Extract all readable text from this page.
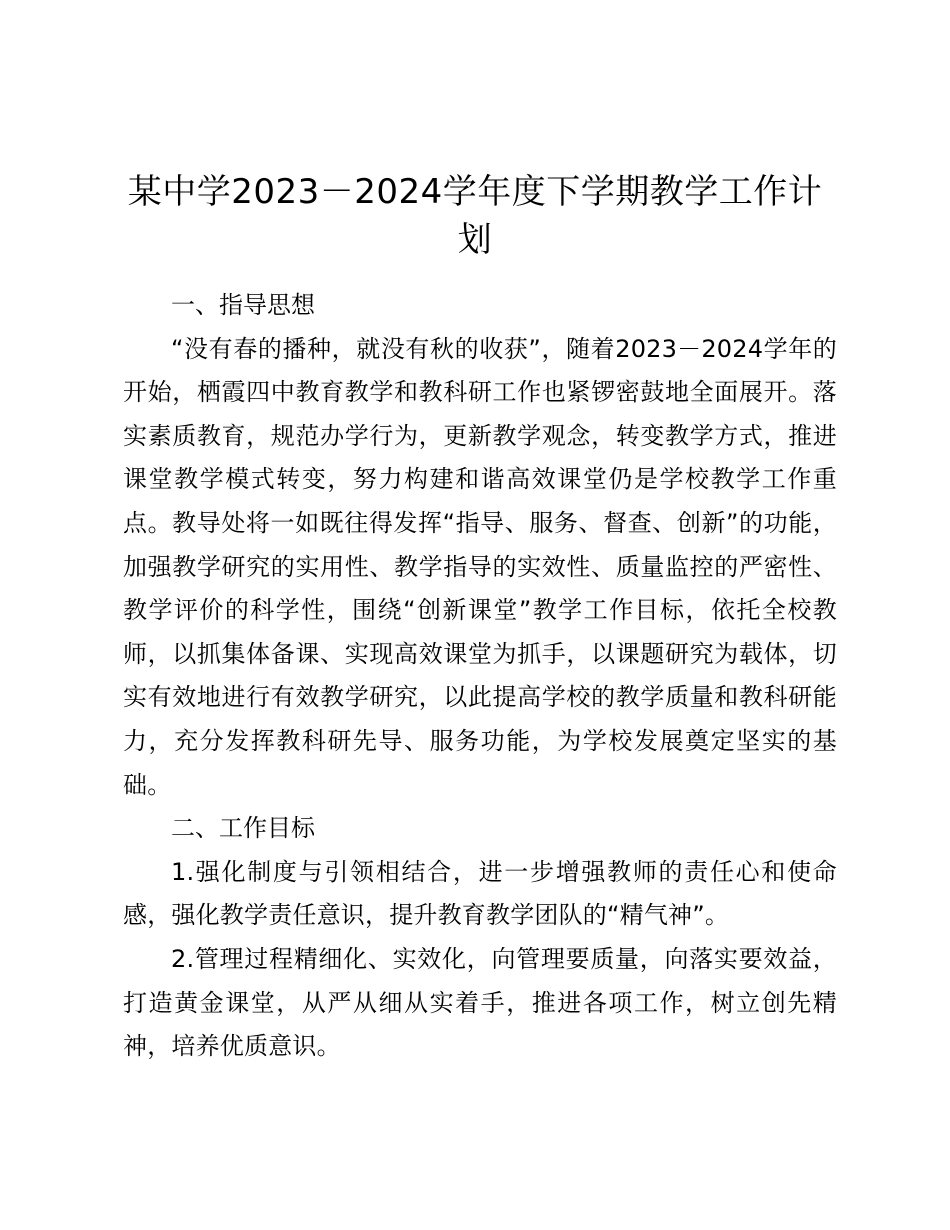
某中学2023－2024学年度下学期教学工作计划

一、指导思想

“没有春的播种，就没有秋的收获”，随着2023－2024学年的开始，栖霞四中教育教学和教科研工作也紧锣密鼓地全面展开。落实素质教育，规范办学行为，更新教学观念，转变教学方式，推进课堂教学模式转变，努力构建和谐高效课堂仍是学校教学工作重点。教导处将一如既往得发挥“指导、服务、督查、创新”的功能，加强教学研究的实用性、教学指导的实效性、质量监控的严密性、教学评价的科学性，围绕“创新课堂”教学工作目标，依托全校教师，以抓集体备课、实现高效课堂为抓手，以课题研究为载体，切实有效地进行有效教学研究，以此提高学校的教学质量和教科研能力，充分发挥教科研先导、服务功能，为学校发展奠定坚实的基础。

二、工作目标

1.强化制度与引领相结合，进一步增强教师的责任心和使命感，强化教学责任意识，提升教育教学团队的“精气神”。

2.管理过程精细化、实效化，向管理要质量，向落实要效益，打造黄金课堂，从严从细从实着手，推进各项工作，树立创先精神，培养优质意识。
